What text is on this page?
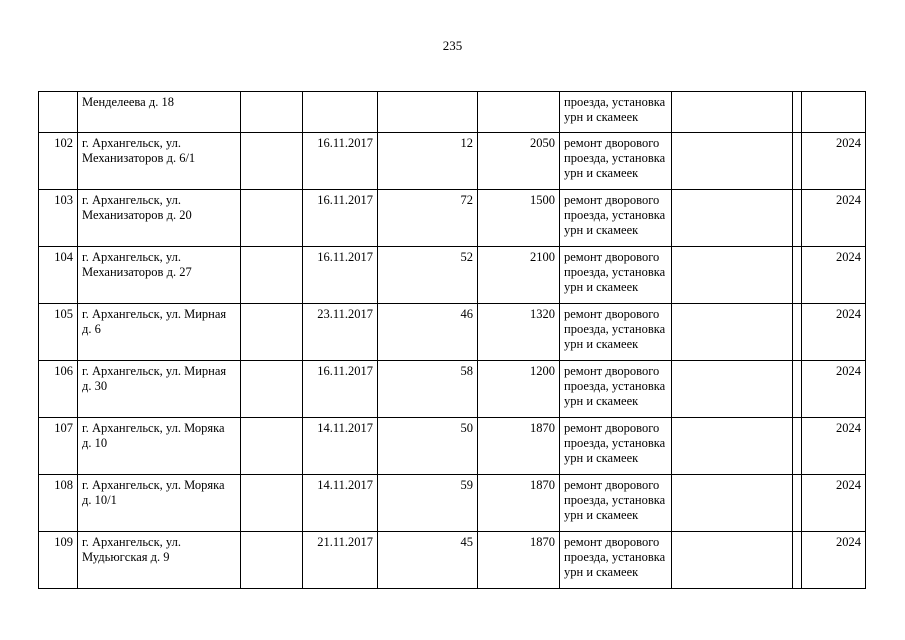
235
	Менделеева д. 18					проезда, установка урн и скамеек			
102	г. Архангельск, ул. Механизаторов д. 6/1		16.11.2017	12	2050	ремонт дворового проезда, установка урн и скамеек			2024
103	г. Архангельск, ул. Механизаторов д. 20		16.11.2017	72	1500	ремонт дворового проезда, установка урн и скамеек			2024
104	г. Архангельск, ул. Механизаторов д. 27		16.11.2017	52	2100	ремонт дворового проезда, установка урн и скамеек			2024
105	г. Архангельск, ул. Мирная д. 6		23.11.2017	46	1320	ремонт дворового проезда, установка урн и скамеек			2024
106	г. Архангельск, ул. Мирная д. 30		16.11.2017	58	1200	ремонт дворового проезда, установка урн и скамеек			2024
107	г. Архангельск, ул. Моряка д. 10		14.11.2017	50	1870	ремонт дворового проезда, установка урн и скамеек			2024
108	г. Архангельск, ул. Моряка д. 10/1		14.11.2017	59	1870	ремонт дворового проезда, установка урн и скамеек			2024
109	г. Архангельск, ул. Мудьюгская д. 9		21.11.2017	45	1870	ремонт дворового проезда, установка урн и скамеек			2024
